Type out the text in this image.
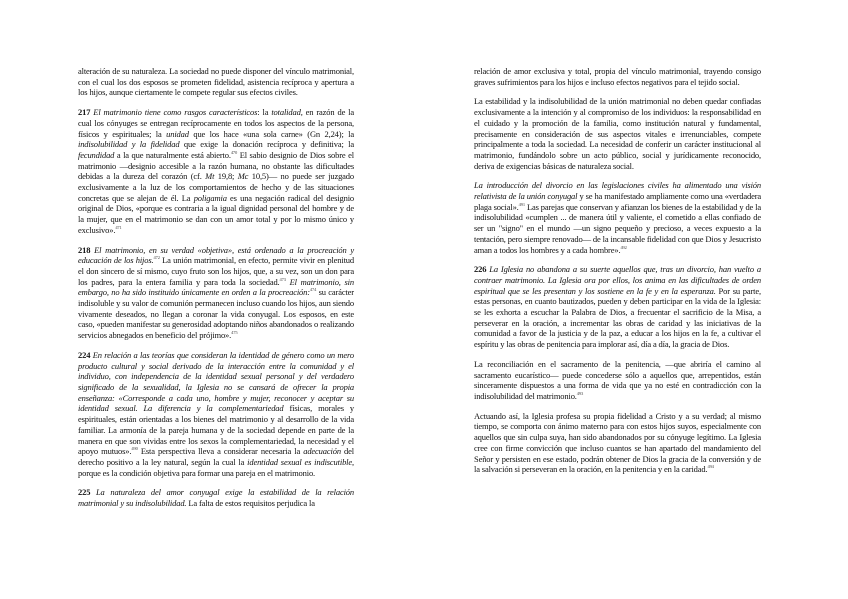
alteración de su naturaleza. La sociedad no puede disponer del vínculo matrimonial, con el cual los dos esposos se prometen fidelidad, asistencia recíproca y apertura a los hijos, aunque ciertamente le compete regular sus efectos civiles.

217 El matrimonio tiene como rasgos característicos: la totalidad, en razón de la cual los cónyuges se entregan recíprocamente en todos los aspectos de la persona, físicos y espirituales; la unidad que los hace «una sola carne» (Gn 2,24); la indisolubilidad y la fidelidad que exige la donación recíproca y definitiva; la fecundidad a la que naturalmente está abierto.$^{470}$ El sabio designio de Dios sobre el matrimonio —designio accesible a la razón humana, no obstante las dificultades debidas a la dureza del corazón (cf. Mt 19,8; Mc 10,5)— no puede ser juzgado exclusivamente a la luz de los comportamientos de hecho y de las situaciones concretas que se alejan de él. La poligamia es una negación radical del designio original de Dios, «porque es contraria a la igual dignidad personal del hombre y de la mujer, que en el matrimonio se dan con un amor total y por lo mismo único y exclusivo».$^{471}$

218 El matrimonio, en su verdad «objetiva», está ordenado a la procreación y educación de los hijos.$^{472}$ La unión matrimonial, en efecto, permite vivir en plenitud el don sincero de sí mismo, cuyo fruto son los hijos, que, a su vez, son un don para los padres, para la entera familia y para toda la sociedad.$^{473}$ El matrimonio, sin embargo, no ha sido instituido únicamente en orden a la procreación:$^{474}$ su carácter indisoluble y su valor de comunión permanecen incluso cuando los hijos, aun siendo vivamente deseados, no llegan a coronar la vida conyugal. Los esposos, en este caso, «pueden manifestar su generosidad adoptando niños abandonados o realizando servicios abnegados en beneficio del prójimo».$^{475}$

224 En relación a las teorías que consideran la identidad de género como un mero producto cultural y social derivado de la interacción entre la comunidad y el individuo, con independencia de la identidad sexual personal y del verdadero significado de la sexualidad, la Iglesia no se cansará de ofrecer la propia enseñanza: «Corresponde a cada uno, hombre y mujer, reconocer y aceptar su identidad sexual. La diferencia y la complementariedad físicas, morales y espirituales, están orientadas a los bienes del matrimonio y al desarrollo de la vida familiar. La armonía de la pareja humana y de la sociedad depende en parte de la manera en que son vividas entre los sexos la complementariedad, la necesidad y el apoyo mutuos».$^{490}$ Esta perspectiva lleva a considerar necesaria la adecuación del derecho positivo a la ley natural, según la cual la identidad sexual es indiscutible, porque es la condición objetiva para formar una pareja en el matrimonio.

225 La naturaleza del amor conyugal exige la estabilidad de la relación matrimonial y su indisolubilidad. La falta de estos requisitos perjudica la

relación de amor exclusiva y total, propia del vínculo matrimonial, trayendo consigo graves sufrimientos para los hijos e incluso efectos negativos para el tejido social.

La estabilidad y la indisolubilidad de la unión matrimonial no deben quedar confiadas exclusivamente a la intención y al compromiso de los individuos: la responsabilidad en el cuidado y la promoción de la familia, como institución natural y fundamental, precisamente en consideración de sus aspectos vitales e irrenunciables, compete principalmente a toda la sociedad. La necesidad de conferir un carácter institucional al matrimonio, fundándolo sobre un acto público, social y jurídicamente reconocido, deriva de exigencias básicas de naturaleza social.

La introducción del divorcio en las legislaciones civiles ha alimentado una visión relativista de la unión conyugal y se ha manifestado ampliamente como una «verdadera plaga social».$^{491}$ Las parejas que conservan y afianzan los bienes de la estabilidad y de la indisolubilidad «cumplen ... de manera útil y valiente, el cometido a ellas confiado de ser un "signo" en el mundo —un signo pequeño y precioso, a veces expuesto a la tentación, pero siempre renovado— de la incansable fidelidad con que Dios y Jesucristo aman a todos los hombres y a cada hombre».$^{492}$

226 La Iglesia no abandona a su suerte aquellos que, tras un divorcio, han vuelto a contraer matrimonio. La Iglesia ora por ellos, los anima en las dificultades de orden espiritual que se les presentan y los sostiene en la fe y en la esperanza. Por su parte, estas personas, en cuanto bautizados, pueden y deben participar en la vida de la Iglesia: se les exhorta a escuchar la Palabra de Dios, a frecuentar el sacrificio de la Misa, a perseverar en la oración, a incrementar las obras de caridad y las iniciativas de la comunidad a favor de la justicia y de la paz, a educar a los hijos en la fe, a cultivar el espíritu y las obras de penitencia para implorar así, día a día, la gracia de Dios.

La reconciliación en el sacramento de la penitencia, —que abriría el camino al sacramento eucarístico— puede concederse sólo a aquellos que, arrepentidos, están sinceramente dispuestos a una forma de vida que ya no esté en contradicción con la indisolubilidad del matrimonio.$^{493}$

Actuando así, la Iglesia profesa su propia fidelidad a Cristo y a su verdad; al mismo tiempo, se comporta con ánimo materno para con estos hijos suyos, especialmente con aquellos que sin culpa suya, han sido abandonados por su cónyuge legítimo. La Iglesia cree con firme convicción que incluso cuantos se han apartado del mandamiento del Señor y persisten en ese estado, podrán obtener de Dios la gracia de la conversión y de la salvación si perseveran en la oración, en la penitencia y en la caridad.$^{494}$
